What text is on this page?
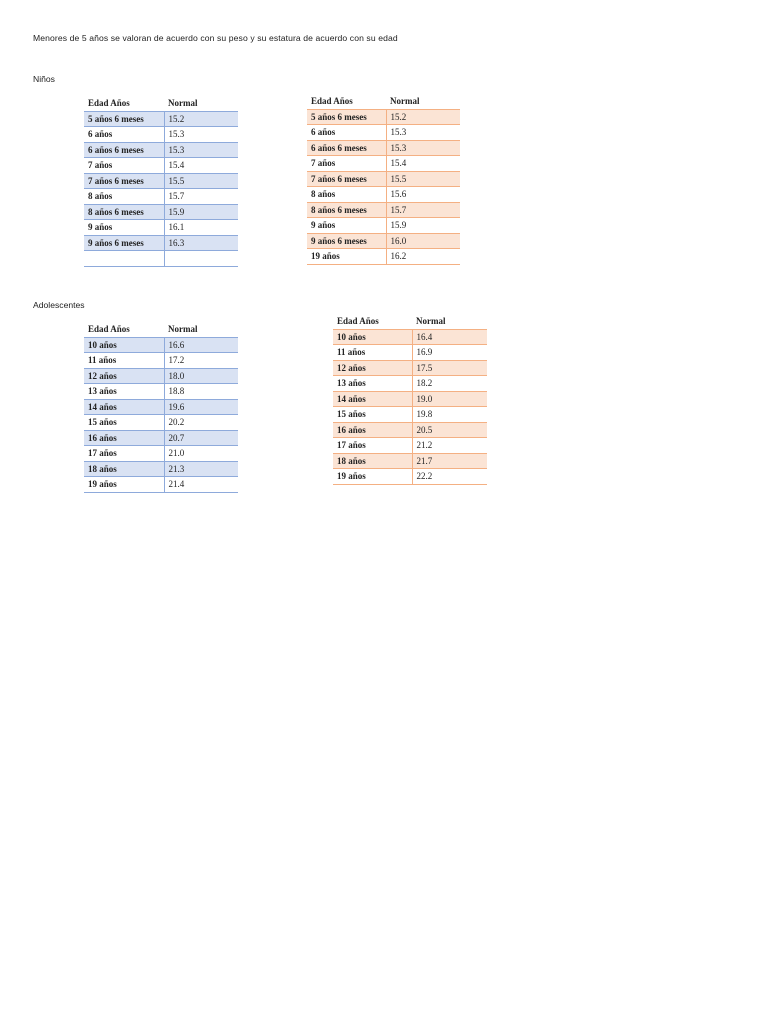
Menores de 5 años se valoran de acuerdo con su peso y su estatura de acuerdo con su edad
Niños
Adolescentes
Edad Años	Normal
5 años 6 meses	15.2
6 años	15.3
6 años 6 meses	15.3
7 años	15.4
7 años 6 meses	15.5
8 años	15.7
8 años 6 meses	15.9
9 años	16.1
9 años 6 meses	16.3

Edad Años	Normal
5 años 6 meses	15.2
6 años	15.3
6 años 6 meses	15.3
7 años	15.4
7 años 6 meses	15.5
8 años	15.6
8 años 6 meses	15.7
9 años	15.9
9 años 6 meses	16.0
19 años	16.2
Edad Años	Normal
10 años	16.6
11 años	17.2
12 años	18.0
13 años	18.8
14 años	19.6
15 años	20.2
16 años	20.7
17 años	21.0
18 años	21.3
19 años	21.4
Edad Años	Normal
10 años	16.4
11 años	16.9
12 años	17.5
13 años	18.2
14 años	19.0
15 años	19.8
16 años	20.5
17 años	21.2
18 años	21.7
19 años	22.2
